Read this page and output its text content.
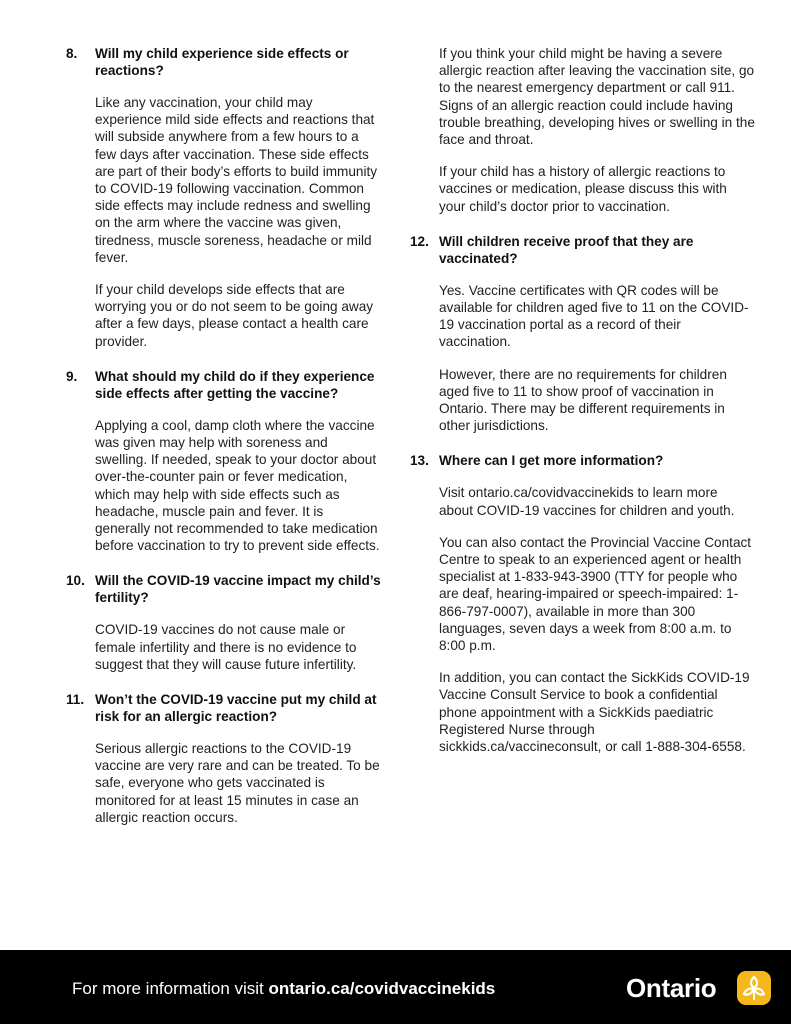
8.	Will my child experience side effects or reactions?

Like any vaccination, your child may experience mild side effects and reactions that will subside anywhere from a few hours to a few days after vaccination. These side effects are part of their body’s efforts to build immunity to COVID-19 following vaccination. Common side effects may include redness and swelling on the arm where the vaccine was given, tiredness, muscle soreness, headache or mild fever.

If your child develops side effects that are worrying you or do not seem to be going away after a few days, please contact a health care provider.

9.	What should my child do if they experience side effects after getting the vaccine?

Applying a cool, damp cloth where the vaccine was given may help with soreness and swelling. If needed, speak to your doctor about over-the-counter pain or fever medication, which may help with side effects such as headache, muscle pain and fever. It is generally not recommended to take medication before vaccination to try to prevent side effects.

10. Will the COVID-19 vaccine impact my child’s fertility?

COVID-19 vaccines do not cause male or female infertility and there is no evidence to suggest that they will cause future infertility.

11. Won’t the COVID-19 vaccine put my child at risk for an allergic reaction?

Serious allergic reactions to the COVID-19 vaccine are very rare and can be treated. To be safe, everyone who gets vaccinated is monitored for at least 15 minutes in case an allergic reaction occurs.

If you think your child might be having a severe allergic reaction after leaving the vaccination site, go to the nearest emergency department or call 911. Signs of an allergic reaction could include having trouble breathing, developing hives or swelling in the face and throat.

If your child has a history of allergic reactions to vaccines or medication, please discuss this with your child’s doctor prior to vaccination.

12. Will children receive proof that they are vaccinated?

Yes. Vaccine certificates with QR codes will be available for children aged five to 11 on the COVID-19 vaccination portal as a record of their vaccination.

However, there are no requirements for children aged five to 11 to show proof of vaccination in Ontario. There may be different requirements in other jurisdictions.

13. Where can I get more information?

Visit ontario.ca/covidvaccinekids to learn more about COVID-19 vaccines for children and youth.

You can also contact the Provincial Vaccine Contact Centre to speak to an experienced agent or health specialist at 1-833-943-3900 (TTY for people who are deaf, hearing-impaired or speech-impaired: 1-866-797-0007), available in more than 300 languages, seven days a week from 8:00 a.m. to 8:00 p.m.

In addition, you can contact the SickKids COVID-19 Vaccine Consult Service to book a confidential phone appointment with a SickKids paediatric Registered Nurse through sickkids.ca/vaccineconsult, or call 1-888-304-6558.

For more information visit ontario.ca/covidvaccinekids	Ontario
